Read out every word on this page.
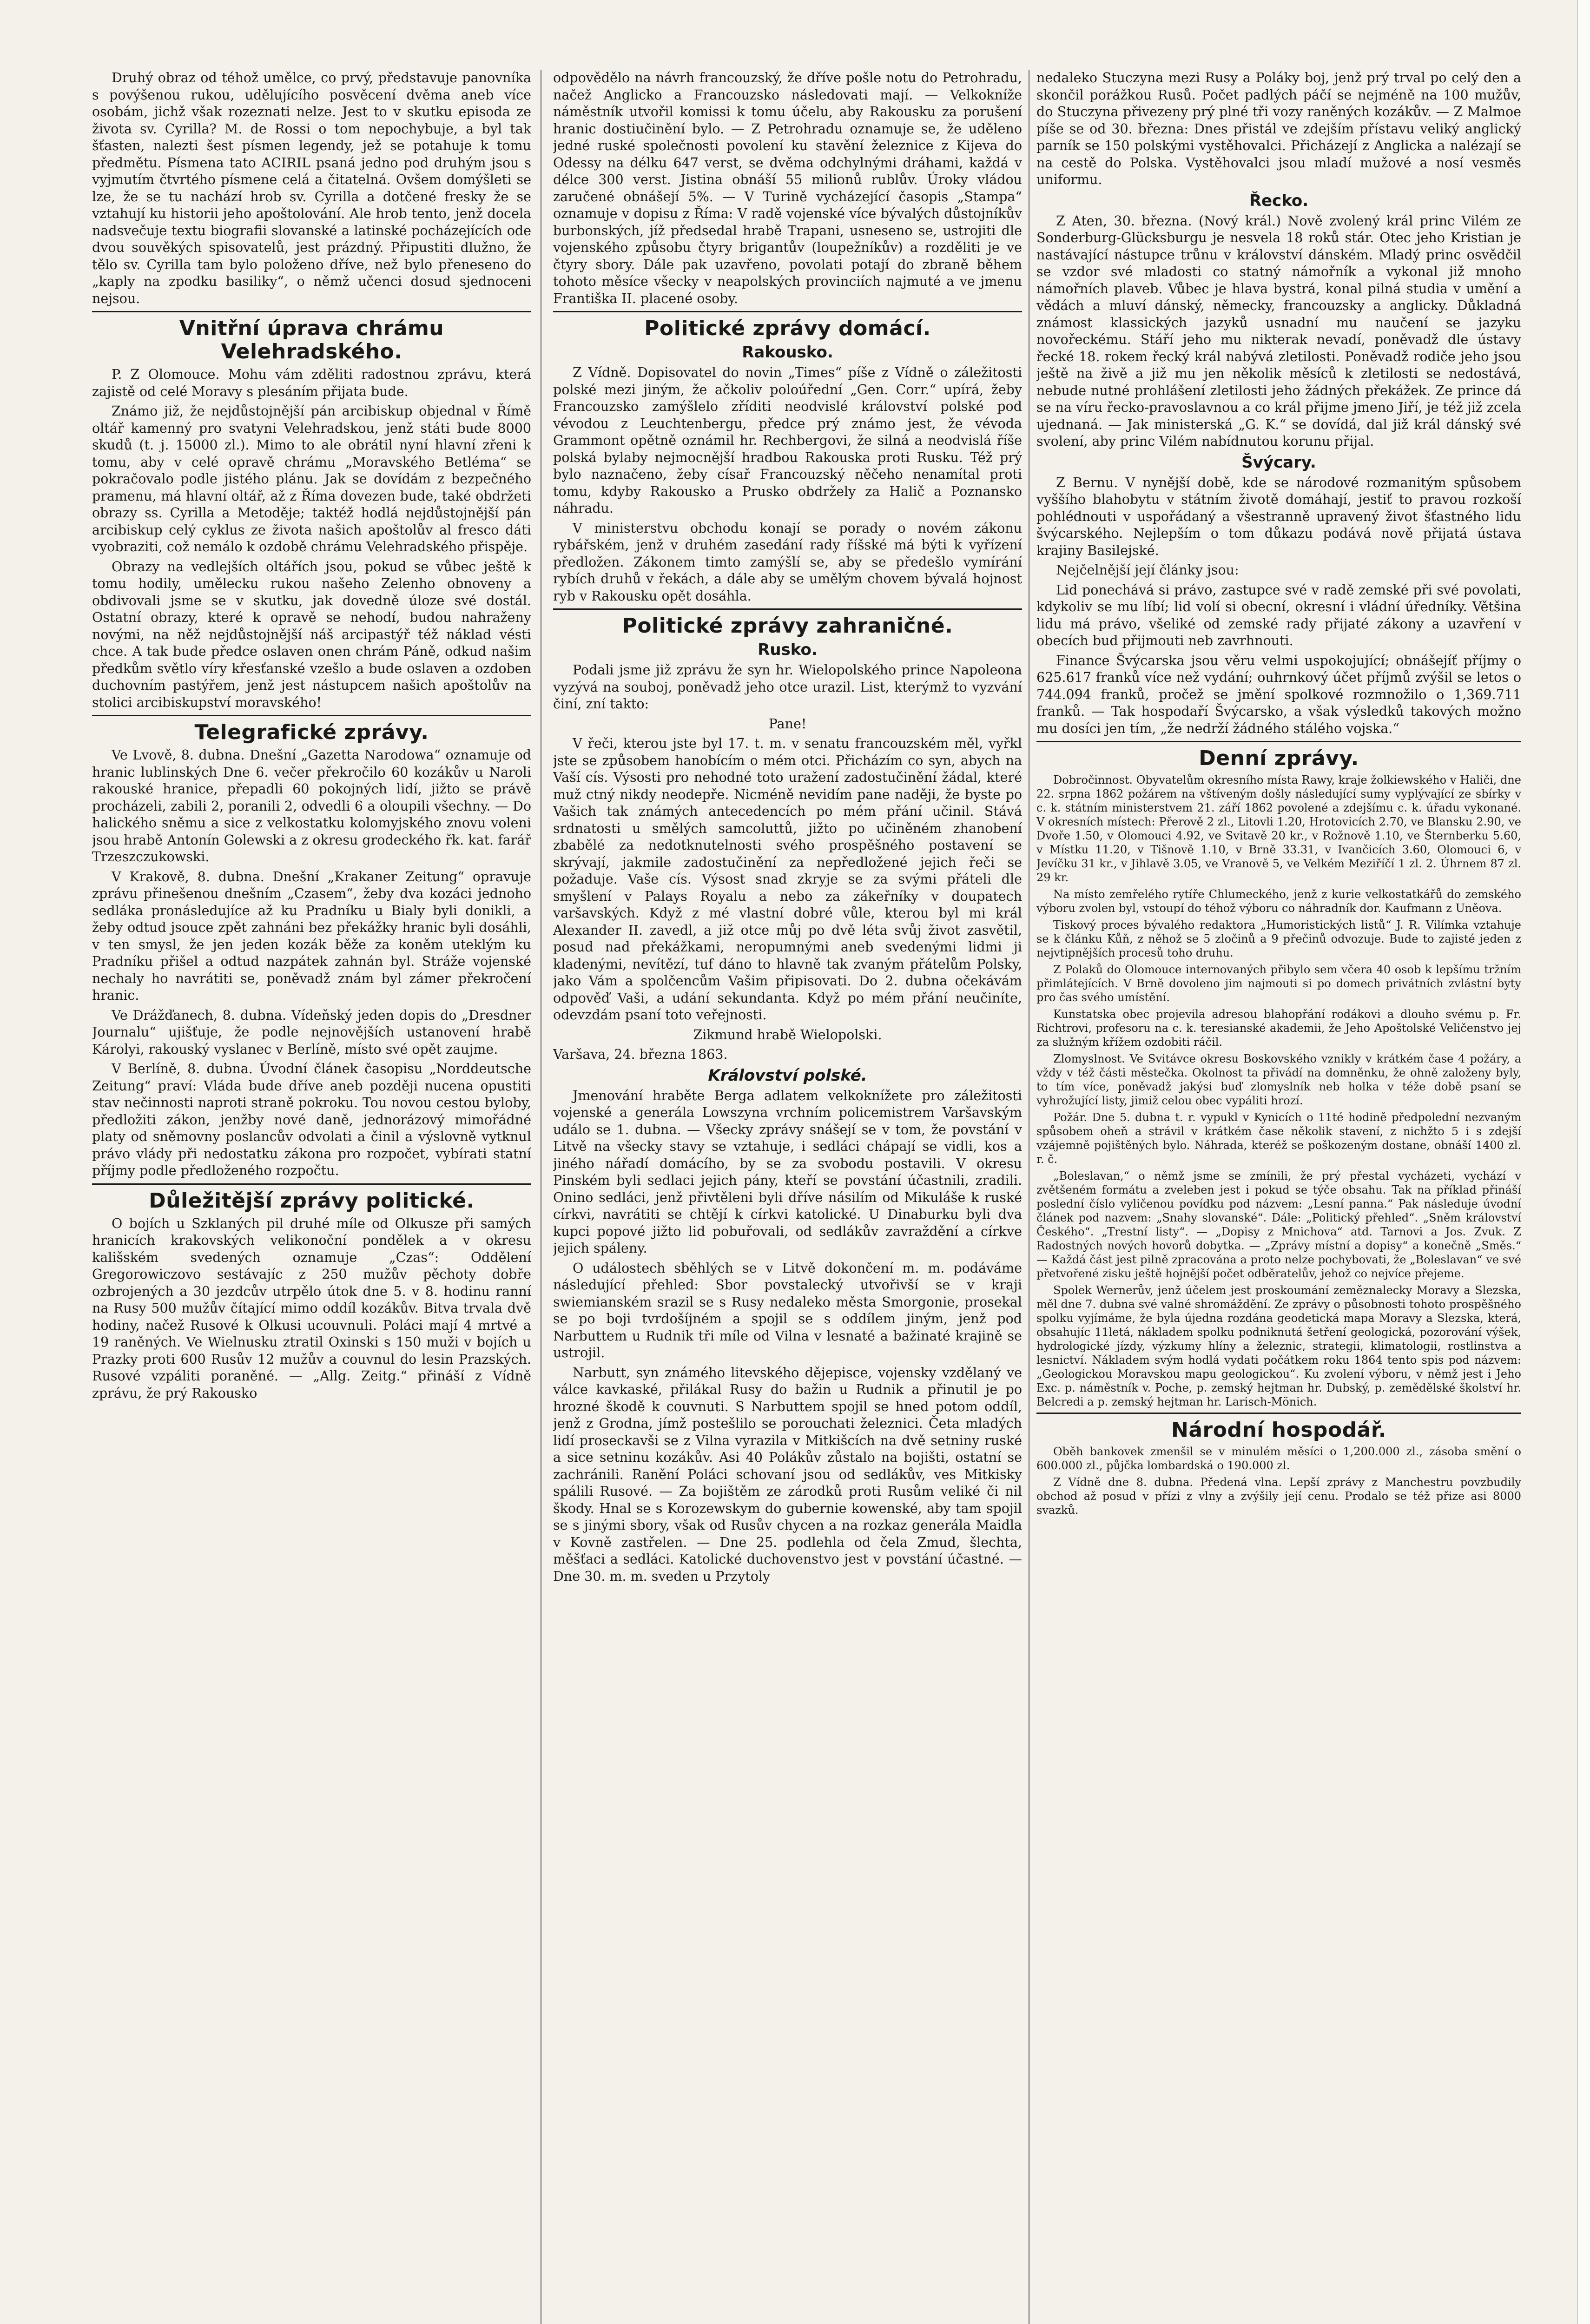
Druhý obraz od téhož umělce, co prvý, představuje panovníka s povýšenou rukou, udělujícího posvěcení dvěma aneb více osobám, jichž však rozeznati nelze. Jest to v skutku episoda ze života sv. Cyrilla? M. de Rossi o tom nepochybuje, a byl tak šťasten, nalezti šest písmen legendy, jež se potahuje k tomu předmětu. Písmena tato ACIRIL psaná jedno pod druhým jsou s vyjmutím čtvrtého písmene celá a čitatelná. Ovšem domýšleti se lze, že se tu nachází hrob sv. Cyrilla a dotčené fresky že se vztahují ku historii jeho apoštolování. Ale hrob tento, jenž docela nadsvečuje textu biografii slovanské a latinské pocházejících ode dvou souvěkých spisovatelů, jest prázdný. Připustiti dlužno, že tělo sv. Cyrilla tam bylo položeno dříve, než bylo přeneseno do „kaply na zpodku basiliky“, o němž učenci dosud sjednoceni nejsou.

Vnitřní úprava chrámu Velehradského.

P. Z Olomouce. Mohu vám zděliti radostnou zprávu, která zajistě od celé Moravy s plesáním přijata bude.

Známo již, že nejdůstojnější pán arcibiskup objednal v Římě oltář kamenný pro svatyni Velehradskou, jenž státi bude 8000 skudů (t. j. 15000 zl.). Mimo to ale obrátil nyní hlavní zřeni k tomu, aby v celé opravě chrámu „Moravského Betléma“ se pokračovalo podle jistého plánu. Jak se dovídám z bezpečného pramenu, má hlavní oltář, až z Říma dovezen bude, také obdržeti obrazy ss. Cyrilla a Metoděje; taktéž hodlá nejdůstojnější pán arcibiskup celý cyklus ze života našich apoštolův al fresco dáti vyobraziti, což nemálo k ozdobě chrámu Velehradského přispěje.

Obrazy na vedlejších oltářích jsou, pokud se vůbec ještě k tomu hodily, umělecku rukou našeho Zelenho obnoveny a obdivovali jsme se v skutku, jak dovedně úloze své dostál. Ostatní obrazy, které k opravě se nehodí, budou nahraženy novými, na něž nejdůstojnější náš arcipastýř též náklad vésti chce. A tak bude předce oslaven onen chrám Páně, odkud našim předkům světlo víry křesťanské vzešlo a bude oslaven a ozdoben duchovním pastýřem, jenž jest nástupcem našich apoštolův na stolici arcibiskupství moravského!

Telegrafické zprávy.

Ve Lvově, 8. dubna. Dnešní „Gazetta Narodowa“ oznamuje od hranic lublinských Dne 6. večer překročilo 60 kozákův u Naroli rakouské hranice, přepadli 60 pokojných lidí, jižto se právě procházeli, zabili 2, poranili 2, odvedli 6 a oloupili všechny. — Do halického sněmu a sice z velkostatku kolomyjského znovu voleni jsou hrabě Antonín Golewski a z okresu grodeckého řk. kat. farář Trzeszczukowski.

V Krakově, 8. dubna. Dnešní „Krakaner Zeitung“ opravuje zprávu přinešenou dnešním „Czasem“, žeby dva kozáci jednoho sedláka pronásledujíce až ku Pradníku u Bialy byli donikli, a žeby odtud jsouce zpět zahnáni bez překážky hranic byli dosáhli, v ten smysl, že jen jeden kozák běže za koněm uteklým ku Pradníku přišel a odtud nazpátek zahnán byl. Stráže vojenské nechaly ho navrátiti se, poněvadž znám byl zámer překročení hranic.

Ve Drážďanech, 8. dubna. Vídeňský jeden dopis do „Dresdner Journalu“ ujišťuje, že podle nejnovějších ustanovení hrabě Károlyi, rakouský vyslanec v Berlíně, místo své opět zaujme.

V Berlíně, 8. dubna. Úvodní článek časopisu „Norddeutsche Zeitung“ praví: Vláda bude dříve aneb později nucena opustiti stav nečinnosti naproti straně pokroku. Tou novou cestou byloby, předložiti zákon, jenžby nové daně, jednorázový mimořádné platy od sněmovny poslancův odvolati a činil a výslovně vytknul právo vlády při nedostatku zákona pro rozpočet, vybírati statní příjmy podle předloženého rozpočtu.

Důležitější zprávy politické.

O bojích u Szklaných pil druhé míle od Olkusze při samých hranicích krakovských velikonoční pondělek a v okresu kališském svedených oznamuje „Czas“: Oddělení Gregorowiczovo sestávajíc z 250 mužův pěchoty dobře ozbrojených a 30 jezdcův utrpělo útok dne 5. v 8. hodinu ranní na Rusy 500 mužův čítající mimo oddíl kozákův. Bitva trvala dvě hodiny, načež Rusové k Olkusi ucouvnuli. Poláci mají 4 mrtvé a 19 raněných. Ve Wielnusku ztratil Oxinski s 150 muži v bojích u Prazky proti 600 Rusův 12 mužův a couvnul do lesin Prazských. Rusové vzpáliti poraněné. — „Allg. Zeitg.“ přináší z Vídně zprávu, že prý Rakousko

odpovědělo na návrh francouzský, že dříve pošle notu do Petrohradu, načež Anglicko a Francouzsko následovati mají. — Velkokníže náměstník utvořil komissi k tomu účelu, aby Rakousku za porušení hranic dostiučinění bylo. — Z Petrohradu oznamuje se, že uděleno jedné ruské společnosti povolení ku stavění železnice z Kijeva do Odessy na délku 647 verst, se dvěma odchylnými dráhami, každá v délce 300 verst. Jistina obnáší 55 milionů rublův. Úroky vládou zaručené obnášejí 5%. — V Turině vycházející časopis „Stampa“ oznamuje v dopisu z Říma: V radě vojenské více bývalých důstojníkův burbonských, jíž předsedal hrabě Trapani, usneseno se, ustrojiti dle vojenského způsobu čtyry brigantův (loupežníkův) a rozděliti je ve čtyry sbory. Dále pak uzavřeno, povolati potají do zbraně během tohoto měsíce všecky v neapolských provinciích najmuté a ve jmenu Františka II. placené osoby.

Politické zprávy domácí.
Rakousko.

Z Vídně. Dopisovatel do novin „Times“ píše z Vídně o záležitosti polské mezi jiným, že ačkoliv poloúřední „Gen. Corr.“ upírá, žeby Francouzsko zamýšlelo zříditi neodvislé království polské pod vévodou z Leuchtenbergu, předce prý známo jest, že vévoda Grammont opětně oznámil hr. Rechbergovi, že silná a neodvislá říše polská bylaby nejmocnější hradbou Rakouska proti Rusku. Též prý bylo naznačeno, žeby císař Francouzský něčeho nenamítal proti tomu, kdyby Rakousko a Prusko obdržely za Halič a Poznansko náhradu.

V ministerstvu obchodu konají se porady o novém zákonu rybářském, jenž v druhém zasedání rady říšské má býti k vyřízení předložen. Zákonem timto zamýšlí se, aby se předešlo vymírání rybích druhů v řekách, a dále aby se umělým chovem bývalá hojnost ryb v Rakousku opět dosáhla.

Politické zprávy zahraničné.
Rusko.

Podali jsme již zprávu že syn hr. Wielopolského prince Napoleona vyzývá na souboj, poněvadž jeho otce urazil. List, kterýmž to vyzvání činí, zní takto:

Pane!

V řeči, kterou jste byl 17. t. m. v senatu francouzském měl, vyřkl jste se způsobem hanobícím o mém otci. Přicházím co syn, abych na Vaší cís. Výsosti pro nehodné toto uražení zadostučinění žádal, které muž ctný nikdy neodepře. Nicméně nevidím pane naději, že byste po Vašich tak známých antecedencích po mém přání učinil. Stává srdnatosti u smělých samcoluttů, jižto po učiněném zhanobení zbabělé za nedotknutelnosti svého prospěšného postavení se skrývají, jakmile zadostučinění za nepředložené jejich řeči se požaduje. Vaše cís. Výsost snad zkryje se za svými přáteli dle smyšlení v Palays Royalu a nebo za zákeřníky v doupatech varšavských. Když z mé vlastní dobré vůle, kterou byl mi král Alexander II. zavedl, a již otce můj po dvě léta svůj život zasvětil, posud nad překážkami, neropumnými aneb svedenými lidmi ji kladenými, nevítězí, tuf dáno to hlavně tak zvaným přátelům Polsky, jako Vám a spolčencům Vašim připisovati. Do 2. dubna očekávám odpověď Vaši, a udání sekundanta. Když po mém přání neučiníte, odevzdám psaní toto veřejnosti.

Zikmund hrabě Wielopolski.

Varšava, 24. března 1863.

Království polské.

Jmenování hraběte Berga adlatem velkoknížete pro záležitosti vojenské a generála Lowszyna vrchním policemistrem Varšavským událo se 1. dubna. — Všecky zprávy snášejí se v tom, že povstání v Litvě na všecky stavy se vztahuje, i sedláci chápají se vidli, kos a jiného nářadí domácího, by se za svobodu postavili. V okresu Pinském byli sedlaci jejich pány, kteří se povstání účastnili, zradili. Onino sedláci, jenž přivtěleni byli dříve násilím od Mikuláše k ruské církvi, navrátiti se chtějí k církvi katolické. U Dinaburku byli dva kupci popové jižto lid pobuřovali, od sedlákův zavraždění a církve jejich spáleny.

O událostech sběhlých se v Litvě dokončení m. m. podáváme následující přehled: Sbor povstalecký utvořivší se v kraji swiemianském srazil se s Rusy nedaleko města Smorgonie, prosekal se po boji tvrdošíjném a spojil se s oddílem jiným, jenž pod Narbuttem u Rudnik tři míle od Vilna v lesnaté a bažinaté krajině se ustrojil.

Narbutt, syn známého litevského dějepisce, vojensky vzdělaný ve válce kavkaské, přilákal Rusy do bažin u Rudnik a přinutil je po hrozné škodě k couvnuti. S Narbuttem spojil se hned potom oddíl, jenž z Grodna, jímž postešlilo se porouchati železnici. Četa mladých lidí proseckavši se z Vilna vyrazila v Mitkišcích na dvě setniny ruské a sice setninu kozákův. Asi 40 Polákův zůstalo na bojišti, ostatní se zachránili. Ranění Poláci schovaní jsou od sedlákův, ves Mitkisky spálili Rusové. — Za bojištěm ze zárodků proti Rusům veliké či nil škody. Hnal se s Korozewskym do gubernie kowenské, aby tam spojil se s jinými sbory, však od Rusův chycen a na rozkaz generála Maidla v Kovně zastřelen. — Dne 25. podlehla od čela Zmud, šlechta, měšťaci a sedláci. Katolické duchovenstvo jest v povstání účastné. — Dne 30. m. m. sveden u Przytoly

nedaleko Stuczyna mezi Rusy a Poláky boj, jenž prý trval po celý den a skončil porážkou Rusů. Počet padlých páčí se nejméně na 100 mužův, do Stuczyna přivezeny prý plné tři vozy raněných kozákův. — Z Malmoe píše se od 30. března: Dnes přistál ve zdejším přístavu veliký anglický parník se 150 polskými vystěhovalci. Přicházejí z Anglicka a nalézají se na cestě do Polska. Vystěhovalci jsou mladí mužové a nosí vesměs uniformu.

Řecko.

Z Aten, 30. března. (Nový král.) Nově zvolený král princ Vilém ze Sonderburg-Glücksburgu je nesvela 18 roků stár. Otec jeho Kristian je nastávající nástupce trůnu v království dánském. Mladý princ osvědčil se vzdor své mladosti co statný námořník a vykonal již mnoho námořních plaveb. Vůbec je hlava bystrá, konal pilná studia v umění a vědách a mluví dánský, německy, francouzsky a anglicky. Důkladná známost klassických jazyků usnadní mu naučení se jazyku novořeckému. Stáří jeho mu nikterak nevadí, poněvadž dle ústavy řecké 18. rokem řecký král nabývá zletilosti. Poněvadž rodiče jeho jsou ještě na živě a již mu jen několik měsíců k zletilosti se nedostává, nebude nutné prohlášení zletilosti jeho žádných překážek. Ze prince dá se na víru řecko-pravoslavnou a co král přijme jmeno Jiří, je též již zcela ujednaná. — Jak ministerská „G. K.“ se dovídá, dal již král dánský své svolení, aby princ Vilém nabídnutou korunu přijal.

Švýcary.

Z Bernu. V nynější době, kde se národové rozmanitým spůsobem vyššího blahobytu v státním životě domáhají, jestiť to pravou rozkoší pohlédnouti v uspořádaný a všestranně upravený život šťastného lidu švýcarského. Nejlepším o tom důkazu podává nově přijatá ústava krajiny Basilejské.

Nejčelnější její články jsou:

Lid ponechává si právo, zastupce své v radě zemské při své povolati, kdykoliv se mu líbí; lid volí si obecní, okresní i vládní úředníky. Většina lidu má právo, všeliké od zemské rady přijaté zákony a uzavření v obecích bud přijmouti neb zavrhnouti.

Finance Švýcarska jsou věru velmi uspokojující; obnášejíť příjmy o 625.617 franků více než vydání; ouhrnkový účet příjmů zvýšil se letos o 744.094 franků, pročež se jmění spolkové rozmnožilo o 1,369.711 franků. — Tak hospodaří Švýcarsko, a však výsledků takových možno mu dosíci jen tím, „že nedrží žádného stálého vojska.“

Denní zprávy.

Dobročinnost. Obyvatelům okresního místa Rawy, kraje žolkiewského v Haliči, dne 22. srpna 1862 požárem na vštíveným došly následující sumy vyplývající ze sbírky v c. k. státním ministerstvem 21. září 1862 povolené a zdejšímu c. k. úřadu vykonané. V okresních místech: Přerově 2 zl., Litovli 1.20, Hrotovicích 2.70, ve Blansku 2.90, ve Dvoře 1.50, v Olomouci 4.92, ve Svitavě 20 kr., v Rožnově 1.10, ve Šternberku 5.60, v Místku 11.20, v Tišnově 1.10, v Brně 33.31, v Ivančicích 3.60, Olomouci 6, v Jevíčku 31 kr., v Jihlavě 3.05, ve Vranově 5, ve Velkém Meziříčí 1 zl. 2. Úhrnem 87 zl. 29 kr.

Na místo zemřelého rytíře Chlumeckého, jenž z kurie velkostatkářů do zemského výboru zvolen byl, vstoupí do téhož výboru co náhradník dor. Kaufmann z Uněova.

Tiskový proces bývalého redaktora „Humoristických listů“ J. R. Vilímka vztahuje se k článku Kůň, z něhož se 5 zločinů a 9 přečinů odvozuje. Bude to zajisté jeden z nejvtipnějších procesů toho druhu.

Z Polaků do Olomouce internovaných přibylo sem včera 40 osob k lepšímu tržním přimlátejících. V Brně dovoleno jim najmouti si po domech privátních zvlástní byty pro čas svého umístění.

Kunstatska obec projevila adresou blahopřání rodákovi a dlouho svému p. Fr. Richtrovi, profesoru na c. k. teresianské akademii, že Jeho Apoštolské Veličenstvo jej za služným křížem ozdobiti ráčil.

Zlomyslnost. Ve Svitávce okresu Boskovského vznikly v krátkém čase 4 požáry, a vždy v též části městečka. Okolnost ta přivádí na domněnku, že ohně založeny byly, to tím více, poněvadž jakýsi buď zlomyslník neb holka v téže době psaní se vyhrožující listy, jimiž celou obec vypáliti hrozí.

Požár. Dne 5. dubna t. r. vypukl v Kynicích o 11té hodině předpolední nezvaným spůsobem oheň a strávil v krátkém čase několik stavení, z nichžto 5 i s zdejší vzájemně pojištěných bylo. Náhrada, kteréž se poškozeným dostane, obnáší 1400 zl. r. č.

„Boleslavan,“ o němž jsme se zmínili, že prý přestal vycházeti, vychází v zvětšeném formátu a zveleben jest i pokud se týče obsahu. Tak na příklad přináší poslední číslo vyličenou povídku pod názvem: „Lesní panna.“ Pak následuje úvodní článek pod nazvem: „Snahy slovanské“. Dále: „Politický přehled“. „Sněm království Českého“. „Trestní listy“. — „Dopisy z Mnichova“ atd. Tarnovi a Jos. Zvuk. Z Radostných nových hovorů dobytka. — „Zprávy místní a dopisy“ a konečně „Směs.“ — Každá část jest pilně zpracována a proto nelze pochybovati, že „Boleslavan“ ve své přetvořené zisku ještě hojnější počet odběratelův, jehož co nejvíce přejeme.

Spolek Wernerův, jenž účelem jest proskoumání zeměznalecky Moravy a Slezska, měl dne 7. dubna své valné shromáždění. Ze zprávy o působnosti tohoto prospěšného spolku vyjímáme, že byla újedna rozdána geodetická mapa Moravy a Slezska, která, obsahujíc 11letá, nákladem spolku podniknutá šetření geologická, pozorování výšek, hydrologické jízdy, výzkumy hlíny a železnic, strategii, klimatologii, rostlinstva a lesnictví. Nákladem svým hodlá vydati počátkem roku 1864 tento spis pod názvem: „Geologickou Moravskou mapu geologickou“. Ku zvolení výboru, v němž jest i Jeho Exc. p. náměstník v. Poche, p. zemský hejtman hr. Dubský, p. zemědělské školství hr. Belcredi a p. zemský hejtman hr. Larisch-Mönich.

Národní hospodář.

Oběh bankovek zmenšil se v minulém měsíci o 1,200.000 zl., zásoba smění o 600.000 zl., půjčka lombardská o 190.000 zl.

Z Vídně dne 8. dubna. Předená vlna. Lepší zprávy z Manchestru povzbudily obchod až posud v přízi z vlny a zvýšily její cenu. Prodalo se též přize asi 8000 svazků.
